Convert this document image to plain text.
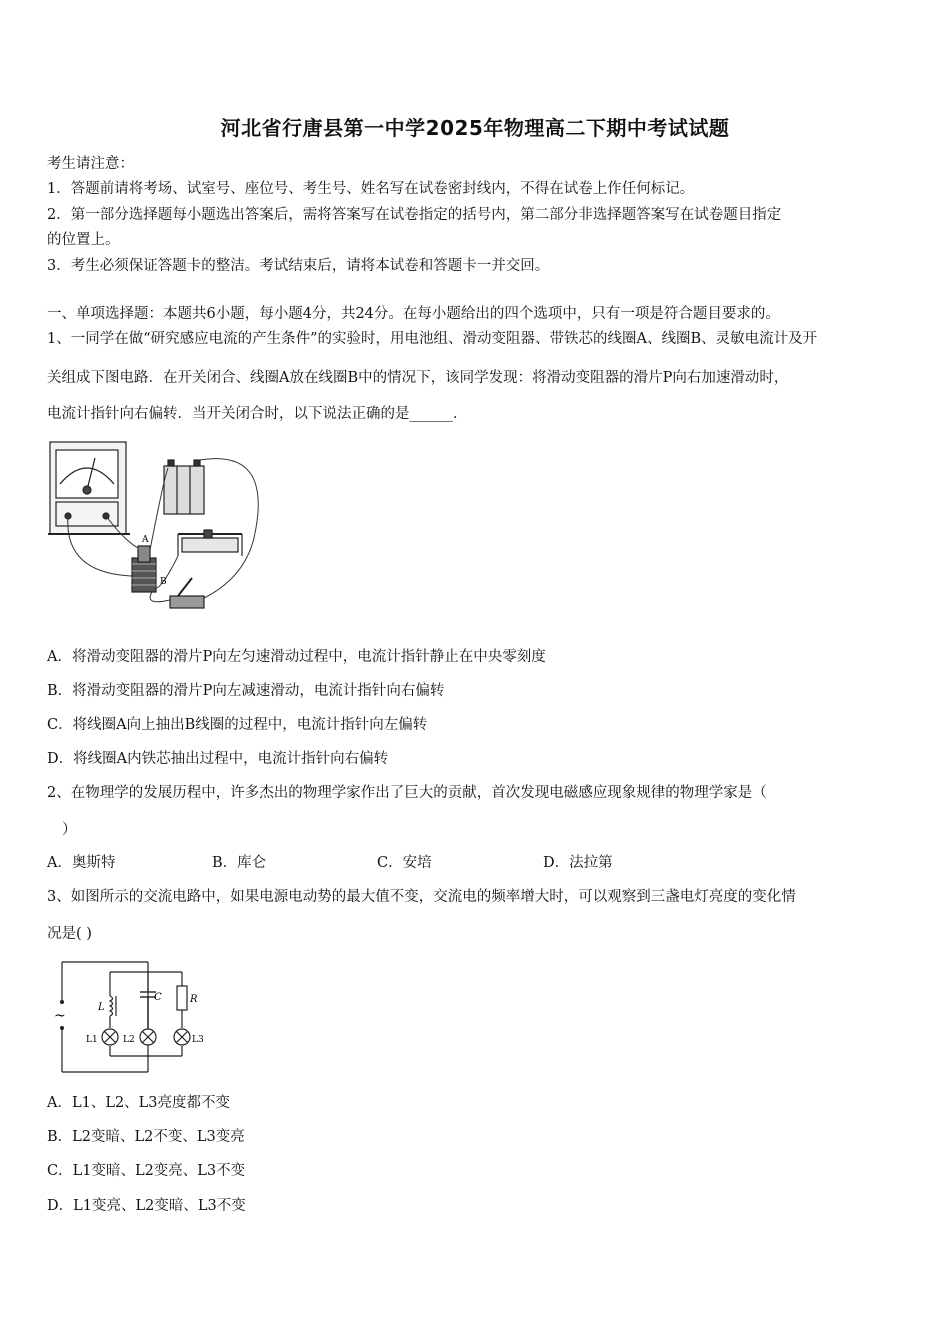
河北省行唐县第一中学2025年物理高二下期中考试试题
考生请注意：
1．答题前请将考场、试室号、座位号、考生号、姓名写在试卷密封线内，不得在试卷上作任何标记。
2．第一部分选择题每小题选出答案后，需将答案写在试卷指定的括号内，第二部分非选择题答案写在试卷题目指定
的位置上。
3．考生必须保证答题卡的整洁。考试结束后，请将本试卷和答题卡一并交回。
一、单项选择题：本题共6小题，每小题4分，共24分。在每小题给出的四个选项中，只有一项是符合题目要求的。
1、一同学在做“研究感应电流的产生条件”的实验时，用电池组、滑动变阻器、带铁芯的线圈A、线圈B、灵敏电流计及开
关组成下图电路．在开关闭合、线圈A放在线圈B中的情况下，该同学发现：将滑动变阻器的滑片P向右加速滑动时，
电流计指针向右偏转．当开关闭合时，以下说法正确的是______．
A
B
A．将滑动变阻器的滑片P向左匀速滑动过程中，电流计指针静止在中央零刻度
B．将滑动变阻器的滑片P向左减速滑动，电流计指针向右偏转
C．将线圈A向上抽出B线圈的过程中，电流计指针向左偏转
D．将线圈A内铁芯抽出过程中，电流计指针向右偏转
2、在物理学的发展历程中，许多杰出的物理学家作出了巨大的贡献，首次发现电磁感应现象规律的物理学家是（
）
A．奥斯特	B．库仑	C．安培	D．法拉第
3、如图所示的交流电路中，如果电源电动势的最大值不变，交流电的频率增大时，可以观察到三盏电灯亮度的变化情
况是( )
~
L
C	R
L1	L2	L3
A．L1、L2、L3亮度都不变
B．L2变暗、L2不变、L3变亮
C．L1变暗、L2变亮、L3不变
D．L1变亮、L2变暗、L3不变
